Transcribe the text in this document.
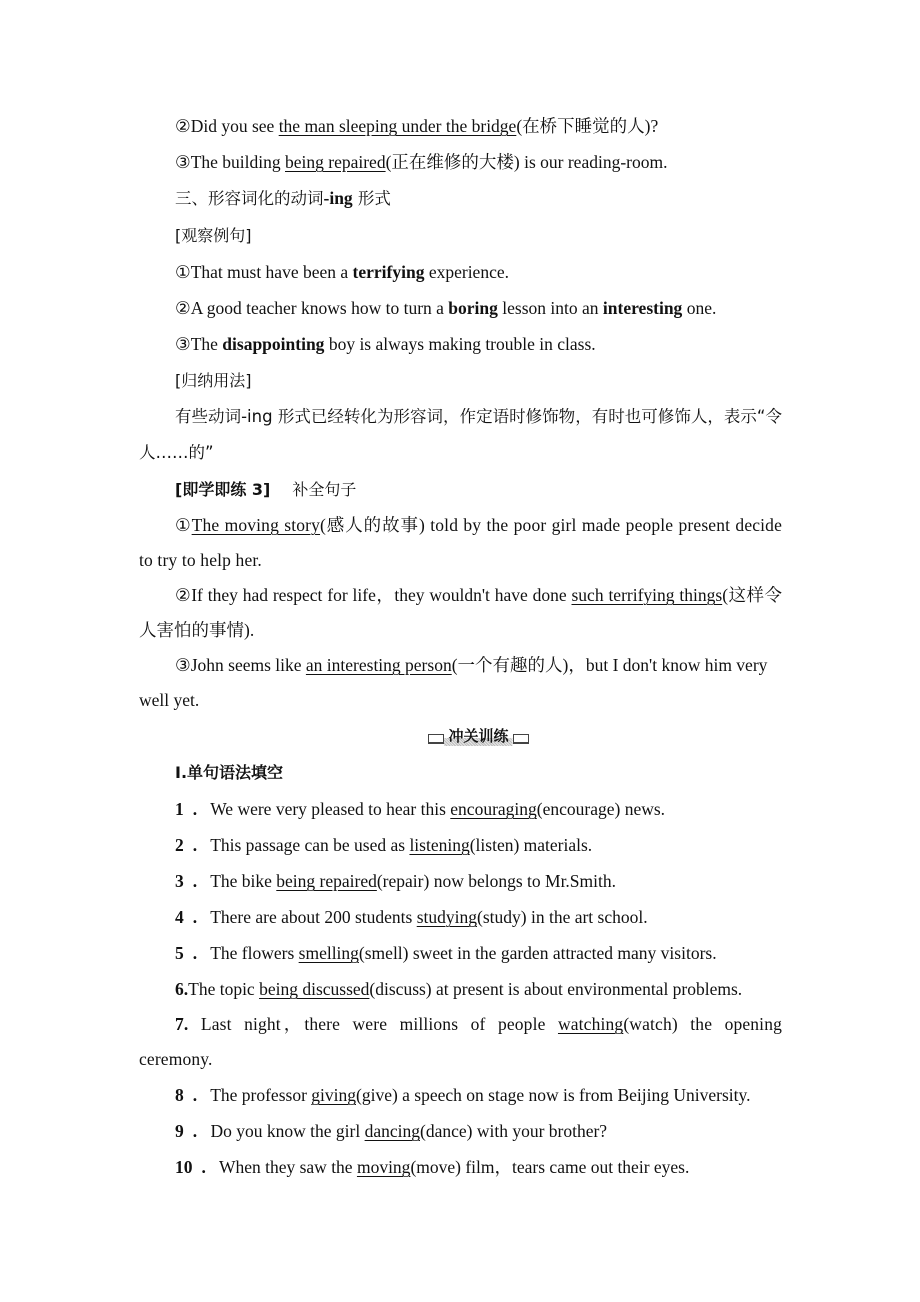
②Did you see the man sleeping under the bridge(在桥下睡觉的人)?

③The building being repaired(正在维修的大楼) is our reading-room.

三、形容词化的动词-ing 形式

[观察例句]

①That must have been a terrifying experience.

②A good teacher knows how to turn a boring lesson into an interesting one.

③The disappointing boy is always making trouble in class.

[归纳用法]

有些动词-ing 形式已经转化为形容词，作定语时修饰物，有时也可修饰人，表示“令人……的”

[即学即练 3] 补全句子

①The moving story(感人的故事) told by the poor girl made people present decide to try to help her.

②If they had respect for life，they wouldn't have done such terrifying things(这样令人害怕的事情).

③John seems like an interesting person(一个有趣的人)，but I don't know him very well yet.

冲关训练

Ⅰ.单句语法填空

1 . We were very pleased to hear this encouraging(encourage) news.

2 . This passage can be used as listening(listen) materials.

3 . The bike being repaired(repair) now belongs to Mr.Smith.

4 . There are about 200 students studying(study) in the art school.

5 . The flowers smelling(smell) sweet in the garden attracted many visitors.

6.The topic being discussed(discuss) at present is about environmental problems.

7. Last night，there were millions of people watching(watch) the opening ceremony.

8 . The professor giving(give) a speech on stage now is from Beijing University.

9 . Do you know the girl dancing(dance) with your brother?

10 . When they saw the moving(move) film，tears came out their eyes.
